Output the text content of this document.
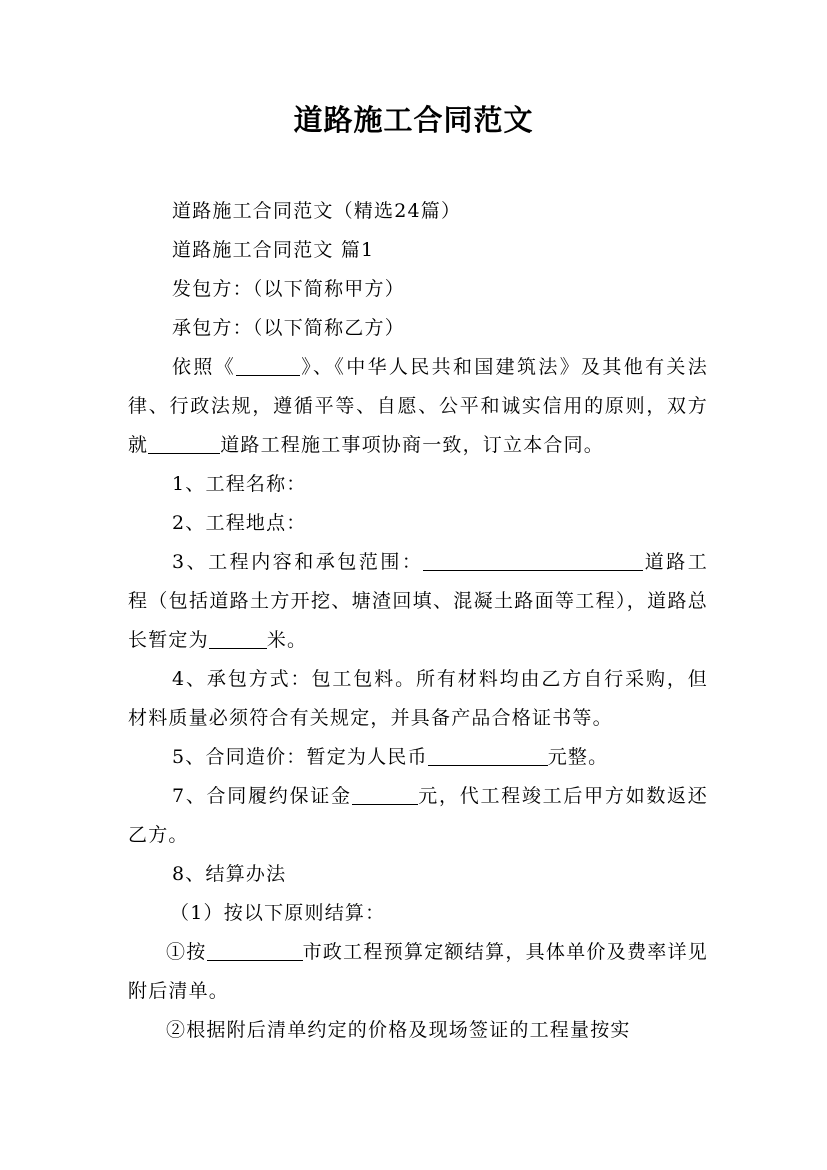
道路施工合同范文

道路施工合同范文（精选24篇）

道路施工合同范文 篇1

发包方：（以下简称甲方）

承包方：（以下简称乙方）

依照《	》、《中华人民共和国建筑法》及其他有关法律、行政法规，遵循平等、自愿、公平和诚实信用的原则，双方就	道路工程施工事项协商一致，订立本合同。

1、工程名称：

2、工程地点：

3、工程内容和承包范围：	道路工程（包括道路土方开挖、塘渣回填、混凝土路面等工程），道路总长暂定为	米。

4、承包方式：包工包料。所有材料均由乙方自行采购，但材料质量必须符合有关规定，并具备产品合格证书等。

5、合同造价：暂定为人民币	元整。

7、合同履约保证金	元，代工程竣工后甲方如数返还乙方。

8、结算办法

（1）按以下原则结算：

①按	市政工程预算定额结算，具体单价及费率详见附后清单。

②根据附后清单约定的价格及现场签证的工程量按实
